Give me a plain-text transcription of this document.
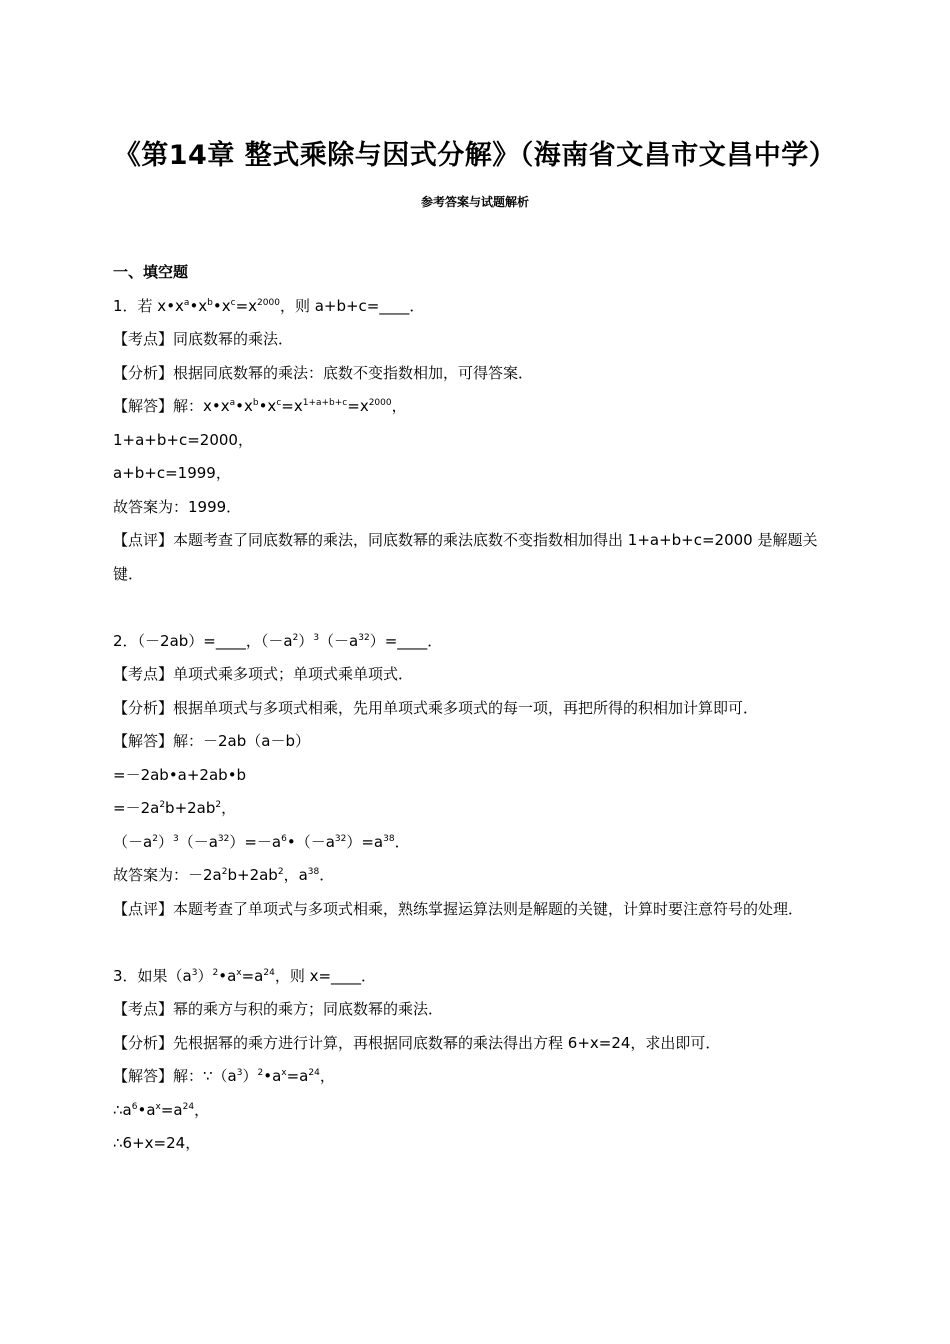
《第14章 整式乘除与因式分解》（海南省文昌市文昌中学）
参考答案与试题解析
一、填空题
1．若 $x•x^a•x^b•x^c=x^{2000}$，则 a+b+c=____．
【考点】同底数幂的乘法．
【分析】根据同底数幂的乘法：底数不变指数相加，可得答案．
【解答】解：$x•x^a•x^b•x^c=x^{1+a+b+c}=x^{2000}$，
1+a+b+c=2000，
a+b+c=1999，
故答案为：1999．
【点评】本题考查了同底数幂的乘法，同底数幂的乘法底数不变指数相加得出 1+a+b+c=2000 是解题关键．
2．（－2ab）=____，$(-a^2)^3(-a^{32})=\_\_\_\_$．
【考点】单项式乘多项式；单项式乘单项式．
【分析】根据单项式与多项式相乘，先用单项式乘多项式的每一项，再把所得的积相加计算即可．
【解答】解：－2ab（a－b）
=－2ab•a+2ab•b
$=-2a^2b+2ab^2$，
$(-a^2)^3(-a^{32})=-a^6•(-a^{32})=a^{38}$．
故答案为：$-2a^2b+2ab^2$，$a^{38}$．
【点评】本题考查了单项式与多项式相乘，熟练掌握运算法则是解题的关键，计算时要注意符号的处理．
3．如果$(a^3)^2•a^x=a^{24}$，则 x=____．
【考点】幂的乘方与积的乘方；同底数幂的乘法．
【分析】先根据幂的乘方进行计算，再根据同底数幂的乘法得出方程 6+x=24，求出即可．
【解答】解：$\because(a^3)^2•a^x=a^{24}$，
$\therefore a^6•a^x=a^{24}$，
∴6+x=24，
